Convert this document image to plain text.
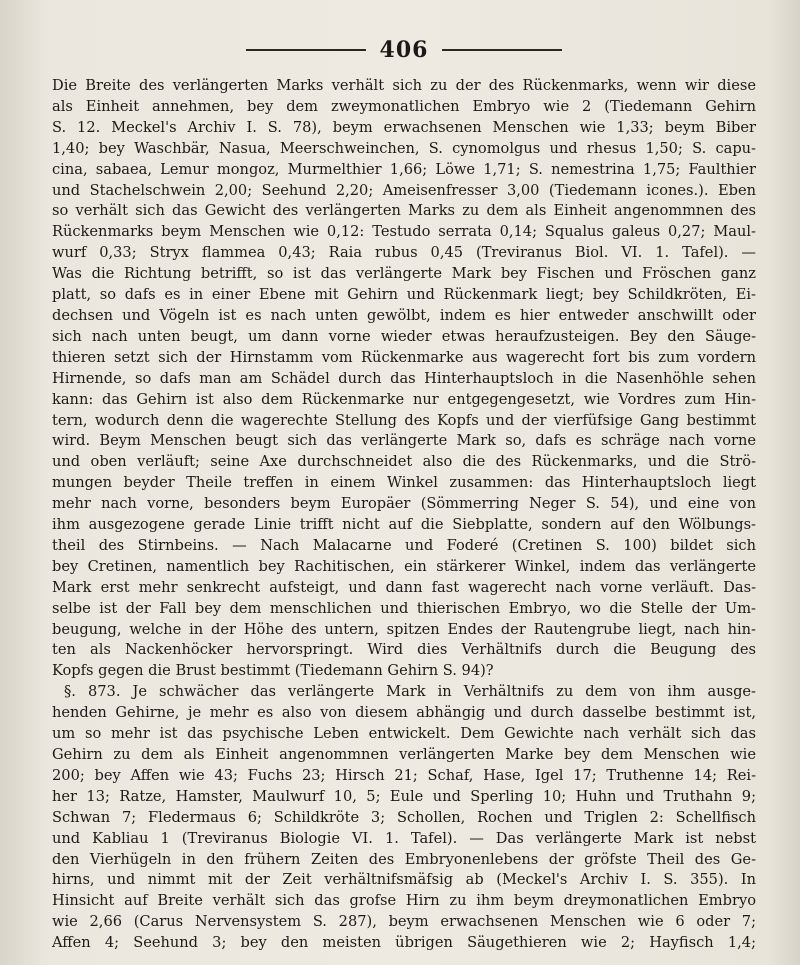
406
Die Breite des verlängerten Marks verhält sich zu der des Rückenmarks, wenn wir diese
als Einheit annehmen, bey dem zweymonatlichen Embryo wie 2 (Tiedemann Gehirn
S. 12. Meckel's Archiv I. S. 78), beym erwachsenen Menschen wie 1,33; beym Biber
1,40; bey Waschbär, Nasua, Meerschweinchen, S. cynomolgus und rhesus 1,50; S. capu-
cina, sabaea, Lemur mongoz, Murmelthier 1,66; Löwe 1,71; S. nemestrina 1,75; Faulthier
und Stachelschwein 2,00; Seehund 2,20; Ameisenfresser 3,00 (Tiedemann icones.). Eben
so verhält sich das Gewicht des verlängerten Marks zu dem als Einheit angenommnen des
Rückenmarks beym Menschen wie 0,12: Testudo serrata 0,14; Squalus galeus 0,27; Maul-
wurf 0,33; Stryx flammea 0,43; Raia rubus 0,45 (Treviranus Biol. VI. 1. Tafel). —
Was die Richtung betrifft, so ist das verlängerte Mark bey Fischen und Fröschen ganz
platt, so dafs es in einer Ebene mit Gehirn und Rückenmark liegt; bey Schildkröten, Ei-
dechsen und Vögeln ist es nach unten gewölbt, indem es hier entweder anschwillt oder
sich nach unten beugt, um dann vorne wieder etwas heraufzusteigen. Bey den Säuge-
thieren setzt sich der Hirnstamm vom Rückenmarke aus wagerecht fort bis zum vordern
Hirnende, so dafs man am Schädel durch das Hinterhauptsloch in die Nasenhöhle sehen
kann: das Gehirn ist also dem Rückenmarke nur entgegengesetzt, wie Vordres zum Hin-
tern, wodurch denn die wagerechte Stellung des Kopfs und der vierfüfsige Gang bestimmt
wird. Beym Menschen beugt sich das verlängerte Mark so, dafs es schräge nach vorne
und oben verläuft; seine Axe durchschneidet also die des Rückenmarks, und die Strö-
mungen beyder Theile treffen in einem Winkel zusammen: das Hinterhauptsloch liegt
mehr nach vorne, besonders beym Europäer (Sömmerring Neger S. 54), und eine von
ihm ausgezogene gerade Linie trifft nicht auf die Siebplatte, sondern auf den Wölbungs-
theil des Stirnbeins. — Nach Malacarne und Foderé (Cretinen S. 100) bildet sich
bey Cretinen, namentlich bey Rachitischen, ein stärkerer Winkel, indem das verlängerte
Mark erst mehr senkrecht aufsteigt, und dann fast wagerecht nach vorne verläuft. Das-
selbe ist der Fall bey dem menschlichen und thierischen Embryo, wo die Stelle der Um-
beugung, welche in der Höhe des untern, spitzen Endes der Rautengrube liegt, nach hin-
ten als Nackenhöcker hervorspringt. Wird dies Verhältnifs durch die Beugung des
Kopfs gegen die Brust bestimmt (Tiedemann Gehirn S. 94)?
§. 873. Je schwächer das verlängerte Mark in Verhältnifs zu dem von ihm ausge-
henden Gehirne, je mehr es also von diesem abhängig und durch dasselbe bestimmt ist,
um so mehr ist das psychische Leben entwickelt. Dem Gewichte nach verhält sich das
Gehirn zu dem als Einheit angenommnen verlängerten Marke bey dem Menschen wie
200; bey Affen wie 43; Fuchs 23; Hirsch 21; Schaf, Hase, Igel 17; Truthenne 14; Rei-
her 13; Ratze, Hamster, Maulwurf 10, 5; Eule und Sperling 10; Huhn und Truthahn 9;
Schwan 7; Fledermaus 6; Schildkröte 3; Schollen, Rochen und Triglen 2: Schellfisch
und Kabliau 1 (Treviranus Biologie VI. 1. Tafel). — Das verlängerte Mark ist nebst
den Vierhügeln in den frühern Zeiten des Embryonenlebens der gröfste Theil des Ge-
hirns, und nimmt mit der Zeit verhältnifsmäfsig ab (Meckel's Archiv I. S. 355). In
Hinsicht auf Breite verhält sich das grofse Hirn zu ihm beym dreymonatlichen Embryo
wie 2,66 (Carus Nervensystem S. 287), beym erwachsenen Menschen wie 6 oder 7;
Affen 4; Seehund 3; bey den meisten übrigen Säugethieren wie 2; Hayfisch 1,4;
